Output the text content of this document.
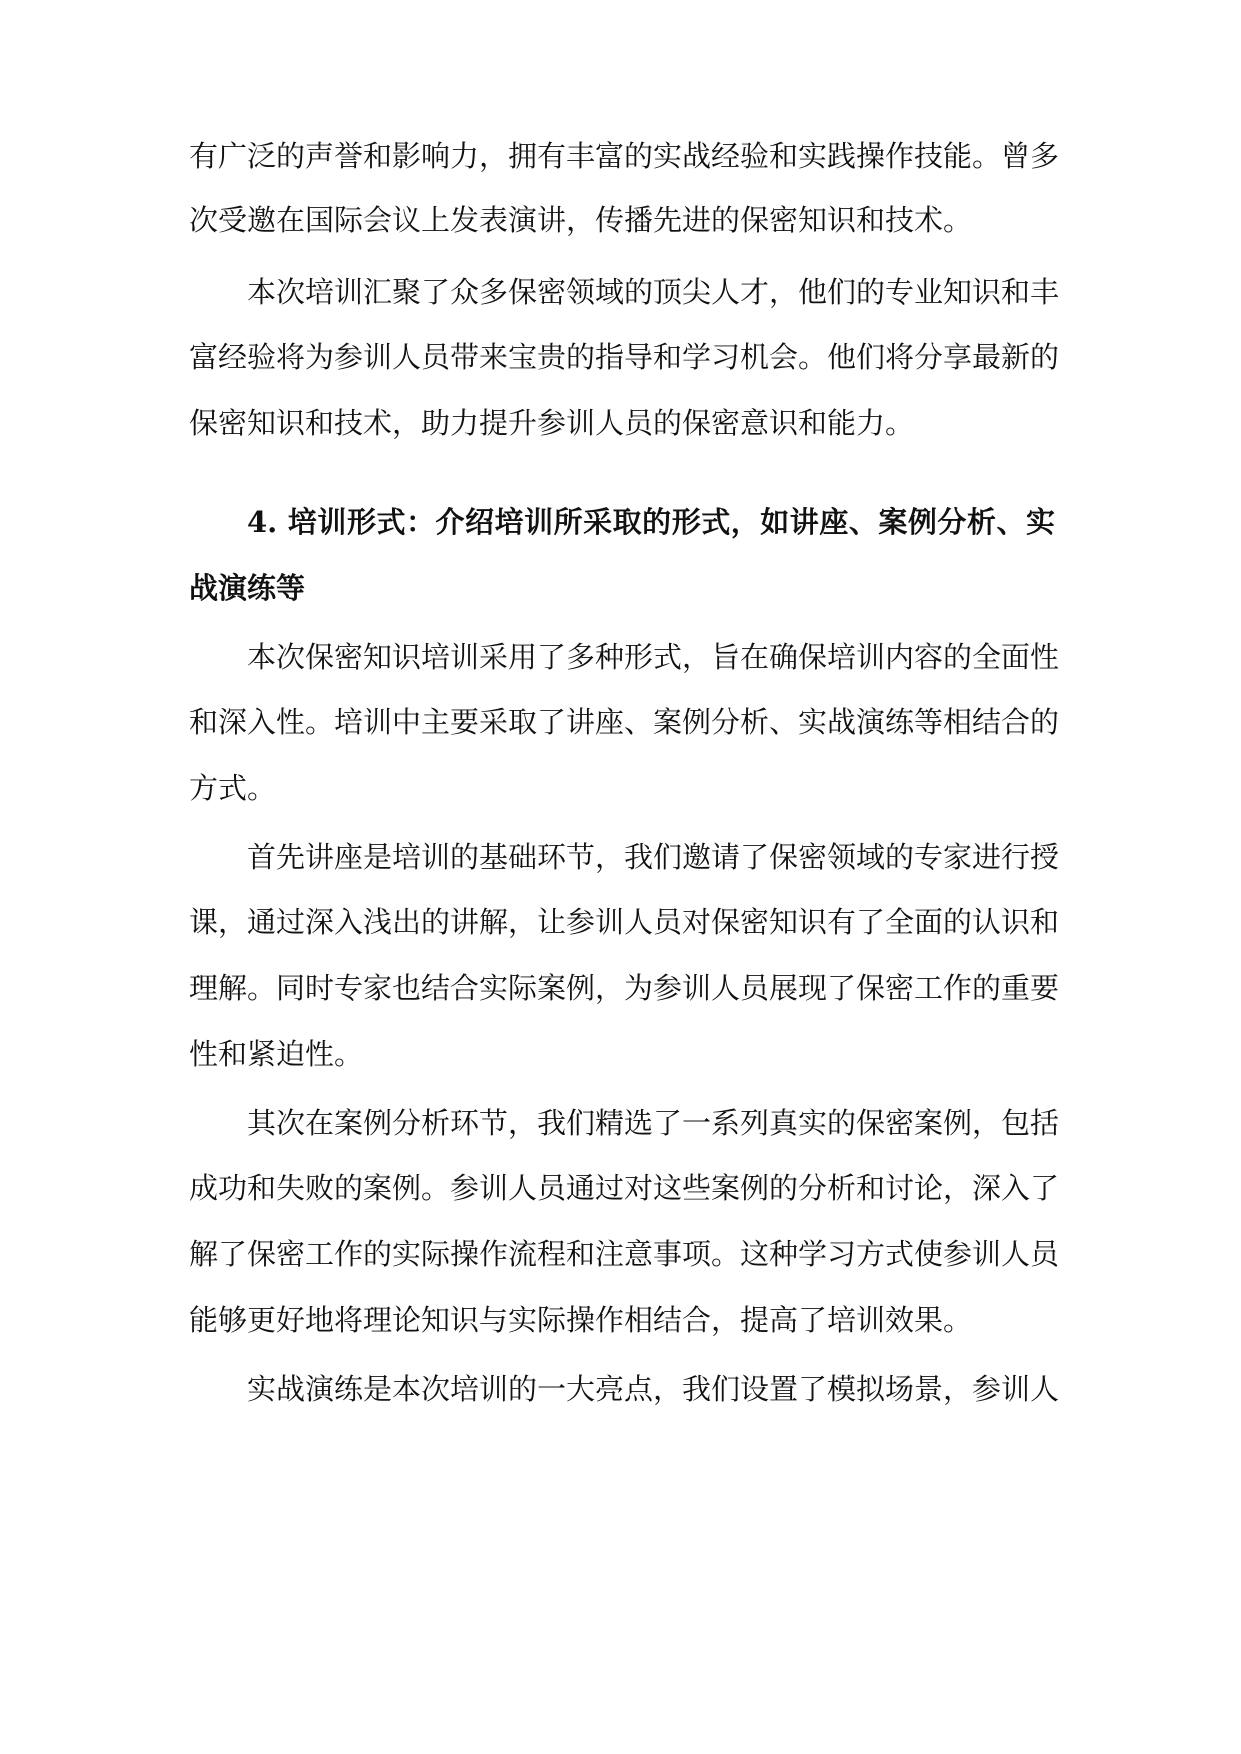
有广泛的声誉和影响力，拥有丰富的实战经验和实践操作技能。曾多
次受邀在国际会议上发表演讲，传播先进的保密知识和技术。
本次培训汇聚了众多保密领域的顶尖人才，他们的专业知识和丰
富经验将为参训人员带来宝贵的指导和学习机会。他们将分享最新的
保密知识和技术，助力提升参训人员的保密意识和能力。
4. 培训形式：介绍培训所采取的形式，如讲座、案例分析、实
战演练等
本次保密知识培训采用了多种形式，旨在确保培训内容的全面性
和深入性。培训中主要采取了讲座、案例分析、实战演练等相结合的
方式。
首先讲座是培训的基础环节，我们邀请了保密领域的专家进行授
课，通过深入浅出的讲解，让参训人员对保密知识有了全面的认识和
理解。同时专家也结合实际案例，为参训人员展现了保密工作的重要
性和紧迫性。
其次在案例分析环节，我们精选了一系列真实的保密案例，包括
成功和失败的案例。参训人员通过对这些案例的分析和讨论，深入了
解了保密工作的实际操作流程和注意事项。这种学习方式使参训人员
能够更好地将理论知识与实际操作相结合，提高了培训效果。
实战演练是本次培训的一大亮点，我们设置了模拟场景，参训人
